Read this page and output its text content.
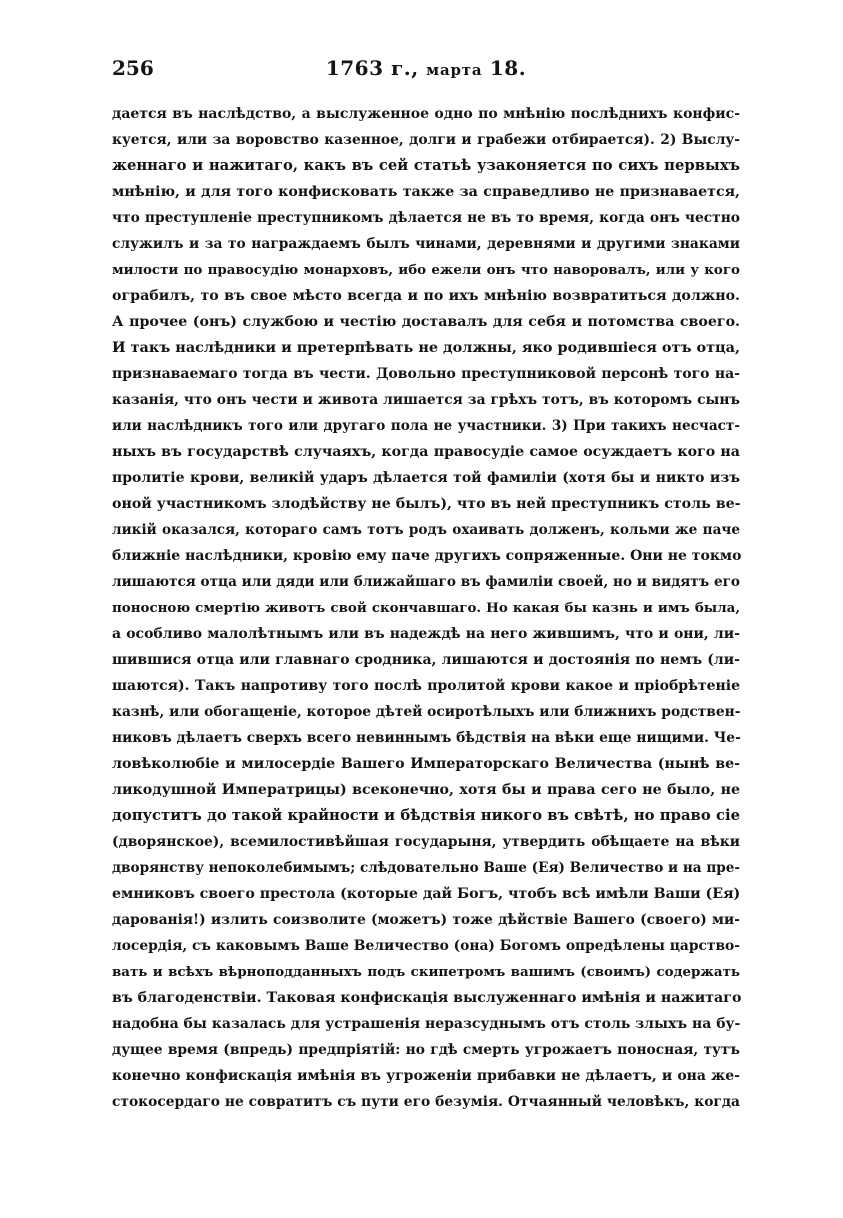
256	1763 г., марта 18.
дается въ наслѣдство, а выслуженное одно по мнѣнію послѣднихъ конфис-
куется, или за воровство казенное, долги и грабежи отбирается). 2) Выслу-
женнаго и нажитаго, какъ въ сей статьѣ узаконяется по сихъ первыхъ
мнѣнію, и для того конфисковать также за справедливо не признавается,
что преступленіе преступникомъ дѣлается не въ то время, когда онъ честно
служилъ и за то награждаемъ былъ чинами, деревнями и другими знаками
милости по правосудію монарховъ, ибо ежели онъ что наворовалъ, или у кого
ограбилъ, то въ свое мѣсто всегда и по ихъ мнѣнію возвратиться должно.
А прочее (онъ) службою и честію доставалъ для себя и потомства своего.
И такъ наслѣдники и претерпѣвать не должны, яко родившіеся отъ отца,
признаваемаго тогда въ чести. Довольно преступниковой персонѣ того на-
казанія, что онъ чести и живота лишается за грѣхъ тотъ, въ которомъ сынъ
или наслѣдникъ того или другаго пола не участники. 3) При такихъ несчаст-
ныхъ въ государствѣ случаяхъ, когда правосудіе самое осуждаетъ кого на
пролитіе крови, великій ударъ дѣлается той фамиліи (хотя бы и никто изъ
оной участникомъ злодѣйству не былъ), что въ ней преступникъ столь ве-
ликій оказался, котораго самъ тотъ родъ охаивать долженъ, кольми же паче
ближніе наслѣдники, кровію ему паче другихъ сопряженные. Они не токмо
лишаются отца или дяди или ближайшаго въ фамиліи своей, но и видятъ его
поносною смертію животъ свой скончавшаго. Но какая бы казнь и имъ была,
а особливо малолѣтнымъ или въ надеждѣ на него жившимъ, что и они, ли-
шившися отца или главнаго сродника, лишаются и достоянія по немъ (ли-
шаются). Такъ напротиву того послѣ пролитой крови какое и пріобрѣтеніе
казнѣ, или обогащеніе, которое дѣтей осиротѣлыхъ или ближнихъ родствен-
никовъ дѣлаетъ сверхъ всего невиннымъ бѣдствія на вѣки еще нищими. Че-
ловѣколюбіе и милосердіе Вашего Императорскаго Величества (нынѣ ве-
ликодушной Императрицы) всеконечно, хотя бы и права сего не было, не
допуститъ до такой крайности и бѣдствія никого въ свѣтѣ, но право сіе
(дворянское), всемилостивѣйшая государыня, утвердить обѣщаете на вѣки
дворянству непоколебимымъ; слѣдовательно Ваше (Ея) Величество и на пре-
емниковъ своего престола (которые дай Богъ, чтобъ всѣ имѣли Ваши (Ея)
дарованія!) излить соизволите (можетъ) тоже дѣйствіе Вашего (своего) ми-
лосердія, съ каковымъ Ваше Величество (она) Богомъ опредѣлены царство-
вать и всѣхъ вѣрноподданныхъ подъ скипетромъ вашимъ (своимъ) содержать
въ благоденствіи. Таковая конфискація выслуженнаго имѣнія и нажитаго
надобна бы казалась для устрашенія неразсуднымъ отъ столь злыхъ на бу-
дущее время (впредь) предпріятій: но гдѣ смерть угрожаетъ поносная, тутъ
конечно конфискація имѣнія въ угроженіи прибавки не дѣлаетъ, и она же-
стокосердаго не совратитъ съ пути его безумія. Отчаянный человѣкъ, когда
